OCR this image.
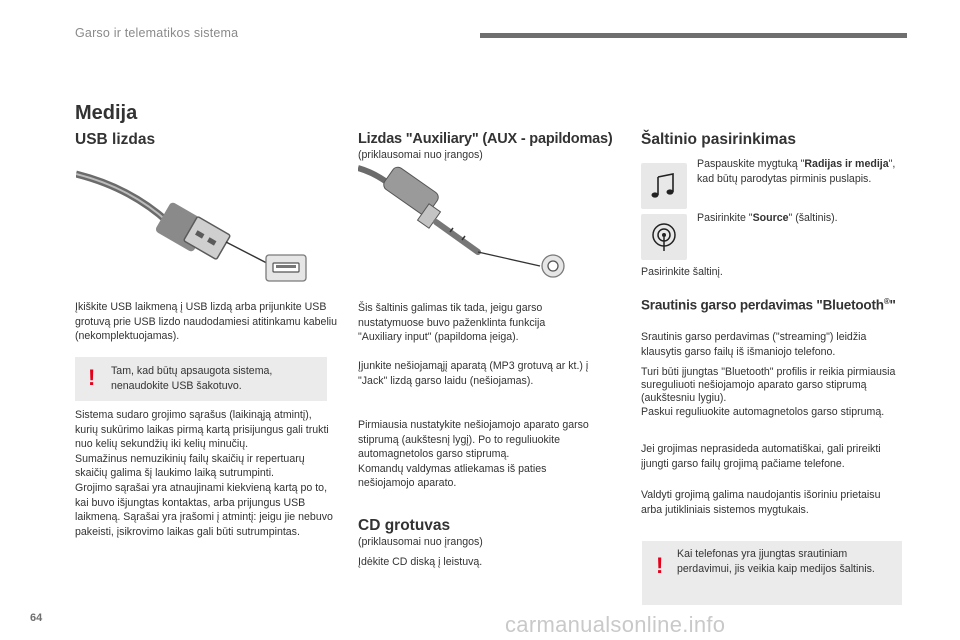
Garso ir telematikos sistema
Medija
USB lizdas

Įkiškite USB laikmeną į USB lizdą arba prijunkite USB grotuvą prie USB lizdo naudodamiesi atitinkamu kabeliu (nekomplektuojamas).

! Tam, kad būtų apsaugota sistema, nenaudokite USB šakotuvo.

Sistema sudaro grojimo sąrašus (laikinąją atmintį), kurių sukūrimo laikas pirmą kartą prisijungus gali trukti nuo kelių sekundžių iki kelių minučių.
Sumažinus nemuzikinių failų skaičių ir repertuarų skaičių galima šį laukimo laiką sutrumpinti.
Grojimo sąrašai yra atnaujinami kiekvieną kartą po to, kai buvo išjungtas kontaktas, arba prijungus USB laikmeną. Sąrašai yra įrašomi į atmintį: jeigu jie nebuvo pakeisti, įsikrovimo laikas gali būti sutrumpintas.

Lizdas "Auxiliary" (AUX - papildomas)

(priklausomai nuo įrangos)

Šis šaltinis galimas tik tada, jeigu garso nustatymuose buvo paženklinta funkcija "Auxiliary input" (papildoma įeiga).

Įjunkite nešiojamąjį aparatą (MP3 grotuvą ar kt.) į "Jack" lizdą garso laidu (nešiojamas).

Pirmiausia nustatykite nešiojamojo aparato garso stiprumą (aukštesnį lygį). Po to reguliuokite automagnetolos garso stiprumą.
Komandų valdymas atliekamas iš paties nešiojamojo aparato.

CD grotuvas

(priklausomai nuo įrangos)

Įdėkite CD diską į leistuvą.

Šaltinio pasirinkimas

Paspauskite mygtuką "Radijas ir medija", kad būtų parodytas pirminis puslapis.

Pasirinkite "Source" (šaltinis).

Pasirinkite šaltinį.

Srautinis garso perdavimas "Bluetooth®"

Srautinis garso perdavimas ("streaming") leidžia klausytis garso failų iš išmaniojo telefono.

Turi būti įjungtas "Bluetooth" profilis ir reikia pirmiausia sureguliuoti nešiojamojo aparato garso stiprumą (aukštesniu lygiu).
Paskui reguliuokite automagnetolos garso stiprumą.

Jei grojimas neprasideda automatiškai, gali prireikti įjungti garso failų grojimą pačiame telefone.

Valdyti grojimą galima naudojantis išoriniu prietaisu arba jutikliniais sistemos mygtukais.

! Kai telefonas yra įjungtas srautiniam perdavimui, jis veikia kaip medijos šaltinis.

64	carmanualsonline.info
